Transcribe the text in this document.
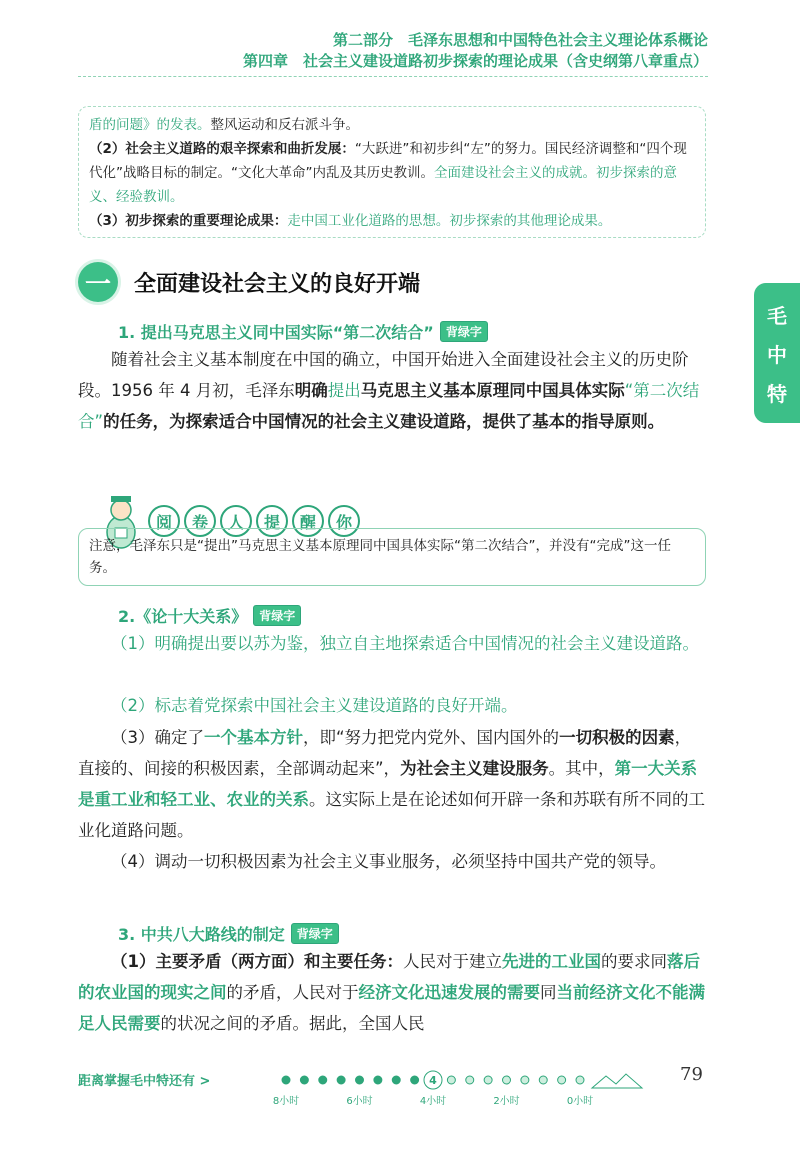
第二部分　毛泽东思想和中国特色社会主义理论体系概论
第四章　社会主义建设道路初步探索的理论成果（含史纲第八章重点）
盾的问题》的发表。整风运动和反右派斗争。
（2）社会主义道路的艰辛探索和曲折发展：“大跃进”和初步纠“左”的努力。国民经济调整和“四个现代化”战略目标的制定。“文化大革命”内乱及其历史教训。全面建设社会主义的成就。初步探索的意义、经验教训。
（3）初步探索的重要理论成果：走中国工业化道路的思想。初步探索的其他理论成果。
一	全面建设社会主义的良好开端
毛
中
特
1. 提出马克思主义同中国实际“第二次结合”	背绿字
随着社会主义基本制度在中国的确立，中国开始进入全面建设社会主义的历史阶段。1956 年 4 月初，毛泽东明确提出马克思主义基本原理同中国具体实际“第二次结合”的任务，为探索适合中国情况的社会主义建设道路，提供了基本的指导原则。
阅	卷	人	提	醒	你
注意，毛泽东只是“提出”马克思主义基本原理同中国具体实际“第二次结合”，并没有“完成”这一任务。
2.《论十大关系》	背绿字
（1）明确提出要以苏为鉴，独立自主地探索适合中国情况的社会主义建设道路。
（2）标志着党探索中国社会主义建设道路的良好开端。
（3）确定了一个基本方针，即“努力把党内党外、国内国外的一切积极的因素，直接的、间接的积极因素，全部调动起来”，为社会主义建设服务。其中，第一大关系是重工业和轻工业、农业的关系。这实际上是在论述如何开辟一条和苏联有所不同的工业化道路问题。
（4）调动一切积极因素为社会主义事业服务，必须坚持中国共产党的领导。
3. 中共八大路线的制定	背绿字
（1）主要矛盾（两方面）和主要任务：人民对于建立先进的工业国的要求同落后的农业国的现实之间的矛盾，人民对于经济文化迅速发展的需要同当前经济文化不能满足人民需要的状况之间的矛盾。据此，全国人民
距离掌握毛中特还有 >	4
8小时	6小时	4小时	2小时	0小时
79
